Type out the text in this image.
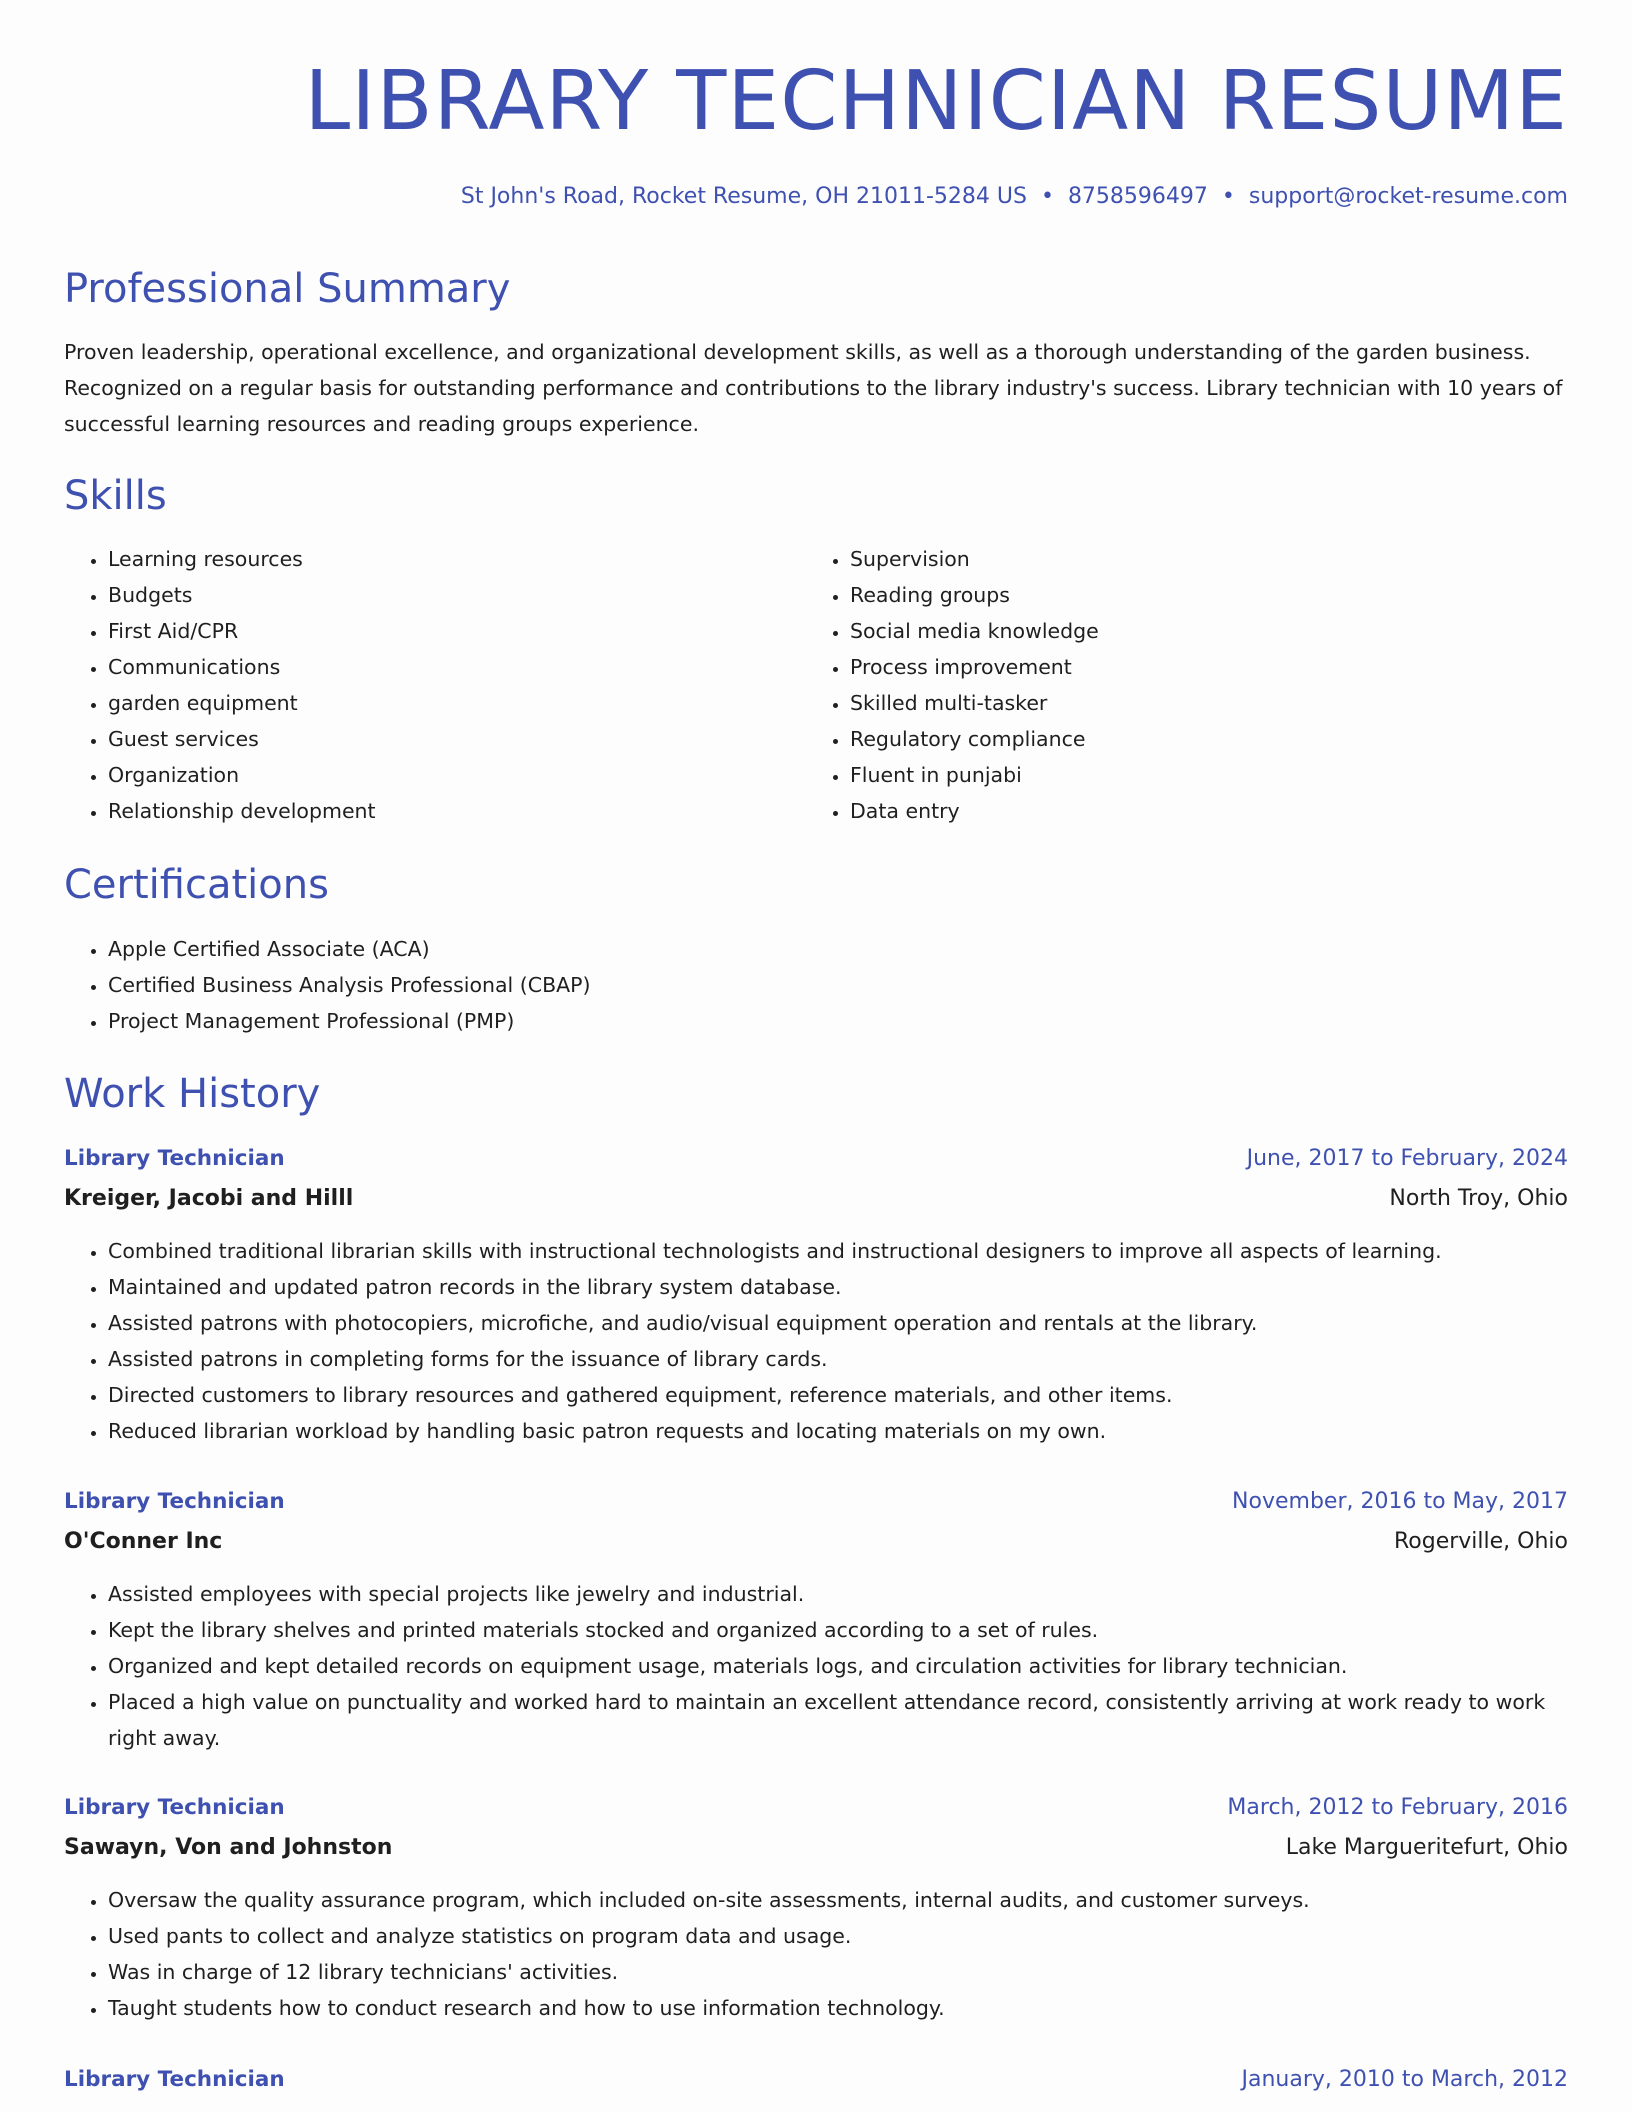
LIBRARY TECHNICIAN RESUME
St John's Road, Rocket Resume, OH 21011-5284 US • 8758596497 • support@rocket-resume.com
Professional Summary

Proven leadership, operational excellence, and organizational development skills, as well as a thorough understanding of the garden business. Recognized on a regular basis for outstanding performance and contributions to the library industry's success. Library technician with 10 years of successful learning resources and reading groups experience.

Skills
• Learning resources
• Budgets
• First Aid/CPR
• Communications
• garden equipment
• Guest services
• Organization
• Relationship development
• Supervision
• Reading groups
• Social media knowledge
• Process improvement
• Skilled multi-tasker
• Regulatory compliance
• Fluent in punjabi
• Data entry
Certifications
• Apple Certified Associate (ACA)
• Certified Business Analysis Professional (CBAP)
• Project Management Professional (PMP)
Work History
Library Technician	June, 2017 to February, 2024
Kreiger, Jacobi and Hilll	North Troy, Ohio
• Combined traditional librarian skills with instructional technologists and instructional designers to improve all aspects of learning.
• Maintained and updated patron records in the library system database.
• Assisted patrons with photocopiers, microfiche, and audio/visual equipment operation and rentals at the library.
• Assisted patrons in completing forms for the issuance of library cards.
• Directed customers to library resources and gathered equipment, reference materials, and other items.
• Reduced librarian workload by handling basic patron requests and locating materials on my own.
Library Technician	November, 2016 to May, 2017
O'Conner Inc	Rogerville, Ohio
• Assisted employees with special projects like jewelry and industrial.
• Kept the library shelves and printed materials stocked and organized according to a set of rules.
• Organized and kept detailed records on equipment usage, materials logs, and circulation activities for library technician.
• Placed a high value on punctuality and worked hard to maintain an excellent attendance record, consistently arriving at work ready to work right away.
Library Technician	March, 2012 to February, 2016
Sawayn, Von and Johnston	Lake Margueritefurt, Ohio
• Oversaw the quality assurance program, which included on-site assessments, internal audits, and customer surveys.
• Used pants to collect and analyze statistics on program data and usage.
• Was in charge of 12 library technicians' activities.
• Taught students how to conduct research and how to use information technology.
Library Technician	January, 2010 to March, 2012
